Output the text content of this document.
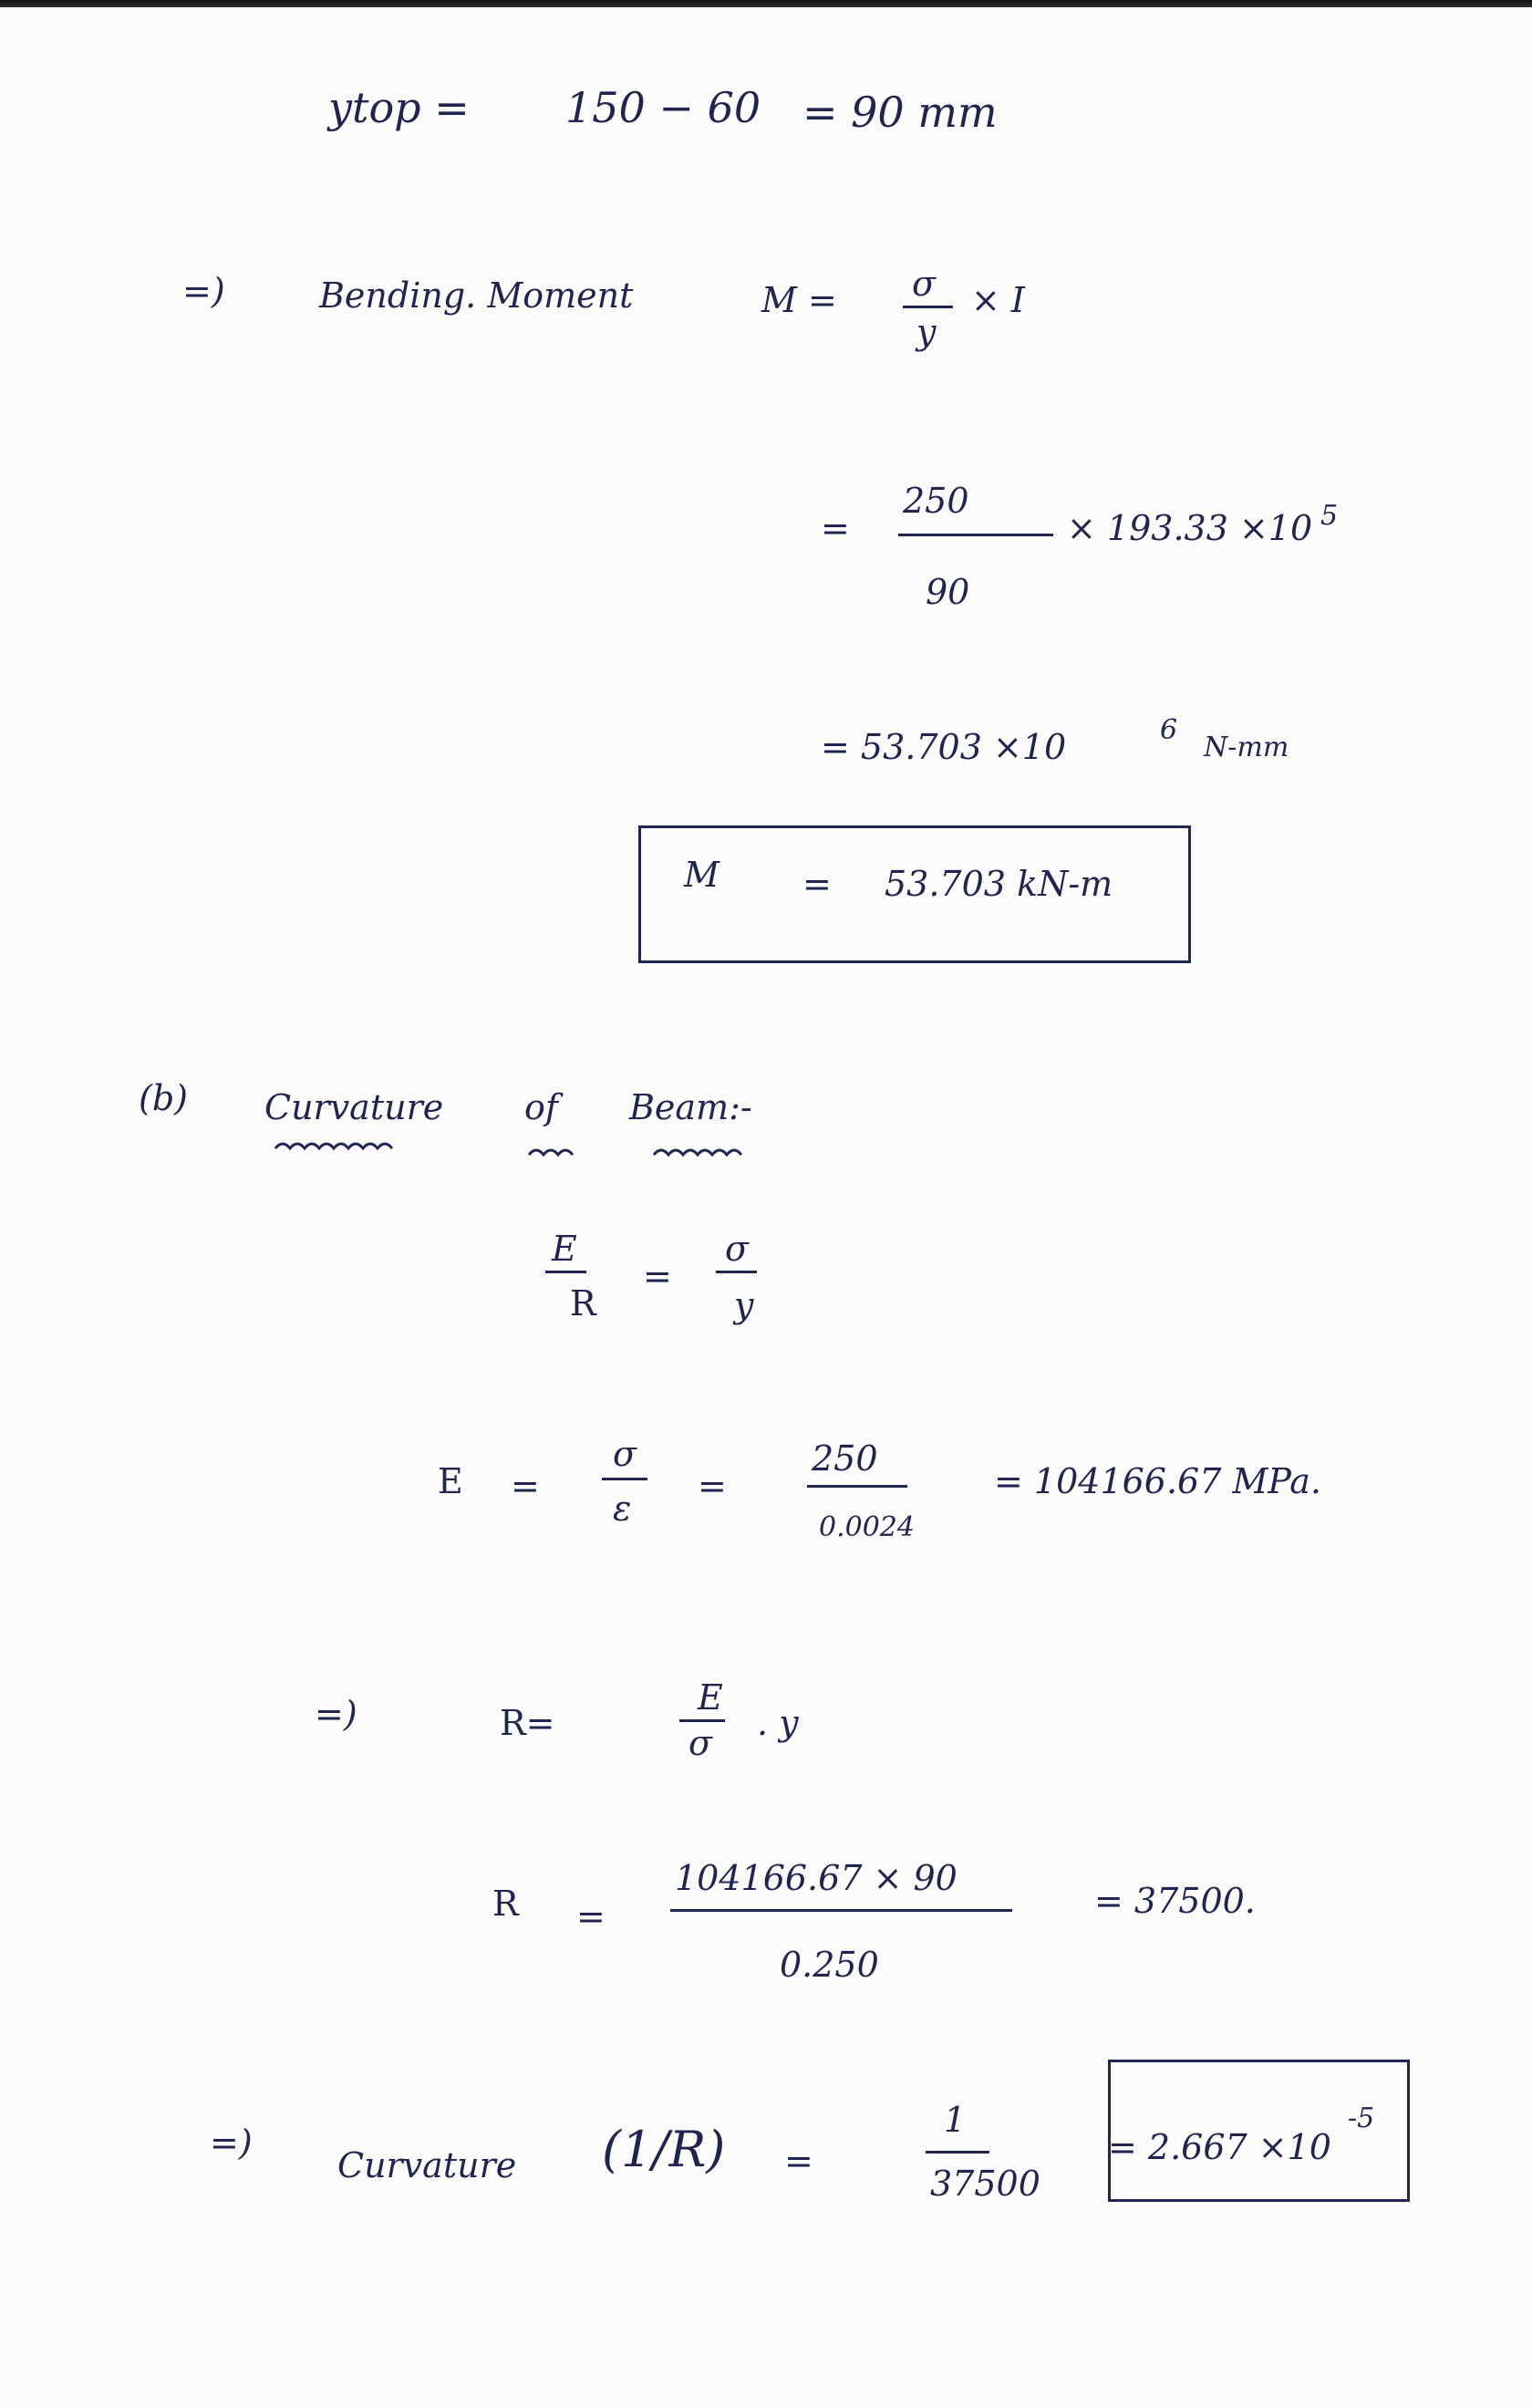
ytop = 150 − 60 = 90 mm
=)	Bending. Moment	M = σ
y
× I
=
250
90
× 193.33 ×10 5
= 53.703 ×10	6
N-mm
M = 53.703 kN-m
(b) Curvature of Beam:-
E
R
=
σ
y
E =
σ
ε
=
250
0.0024
= 104166.67 MPa.
=)	R=
E
σ . y
R =
104166.67 × 90
0.250
= 37500.
=)
Curvature (1/R) =
1
37500
= 2.667 ×10
-5
